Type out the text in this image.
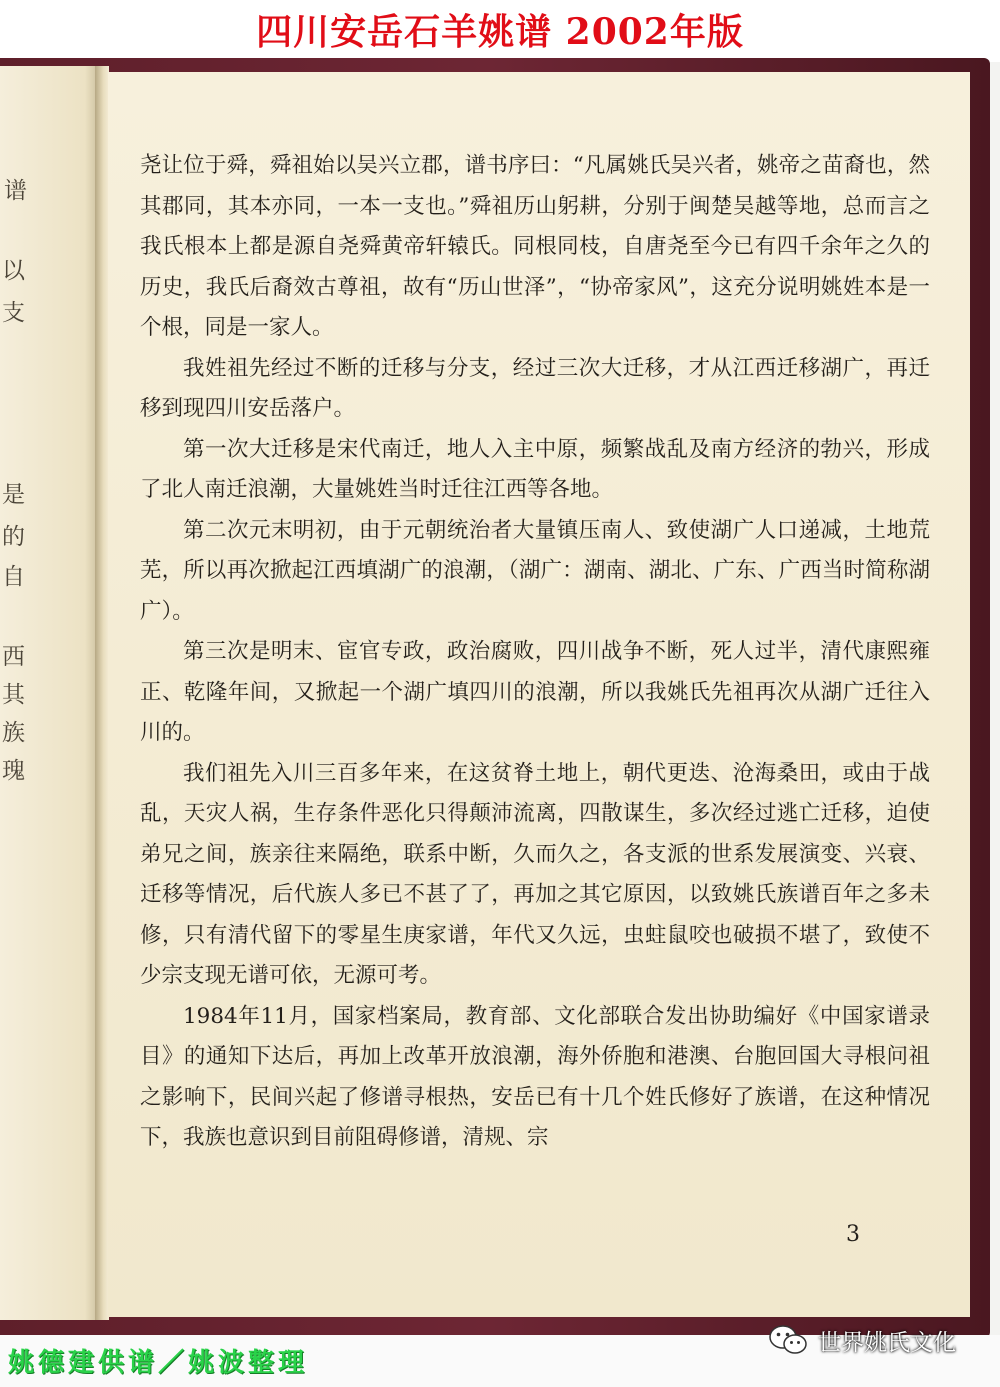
四川安岳石羊姚谱 2002年版
谱
以
支
是
的
自
西
其
族
瑰

尧让位于舜，舜祖始以吴兴立郡，谱书序曰：“凡属姚氏吴兴者，姚帝之苗裔也，然其郡同，其本亦同，一本一支也。”舜祖历山躬耕，分别于闽楚吴越等地，总而言之我氏根本上都是源自尧舜黄帝轩辕氏。同根同枝，自唐尧至今已有四千余年之久的历史，我氏后裔效古尊祖，故有“历山世泽”，“协帝家风”，这充分说明姚姓本是一个根，同是一家人。

我姓祖先经过不断的迁移与分支，经过三次大迁移，才从江西迁移湖广，再迁移到现四川安岳落户。

第一次大迁移是宋代南迁，地人入主中原，频繁战乱及南方经济的勃兴，形成了北人南迁浪潮，大量姚姓当时迁往江西等各地。

第二次元末明初，由于元朝统治者大量镇压南人、致使湖广人口递减，土地荒芜，所以再次掀起江西填湖广的浪潮，（湖广：湖南、湖北、广东、广西当时简称湖广）。

第三次是明末、宦官专政，政治腐败，四川战争不断，死人过半，清代康熙雍正、乾隆年间，又掀起一个湖广填四川的浪潮，所以我姚氏先祖再次从湖广迁往入川的。

我们祖先入川三百多年来，在这贫脊土地上，朝代更迭、沧海桑田，或由于战乱，天灾人祸，生存条件恶化只得颠沛流离，四散谋生，多次经过逃亡迁移，迫使弟兄之间，族亲往来隔绝，联系中断，久而久之，各支派的世系发展演变、兴衰、迁移等情况，后代族人多已不甚了了，再加之其它原因，以致姚氏族谱百年之多未修，只有清代留下的零星生庚家谱，年代又久远，虫蛀鼠咬也破损不堪了，致使不少宗支现无谱可依，无源可考。

1984年11月，国家档案局，教育部、文化部联合发出协助编好《中国家谱录目》的通知下达后，再加上改革开放浪潮，海外侨胞和港澳、台胞回国大寻根问祖之影响下，民间兴起了修谱寻根热，安岳已有十几个姓氏修好了族谱，在这种情况下，我族也意识到目前阻碍修谱，清规、宗

3
姚德建供谱／姚波整理
世界姚氏文化
